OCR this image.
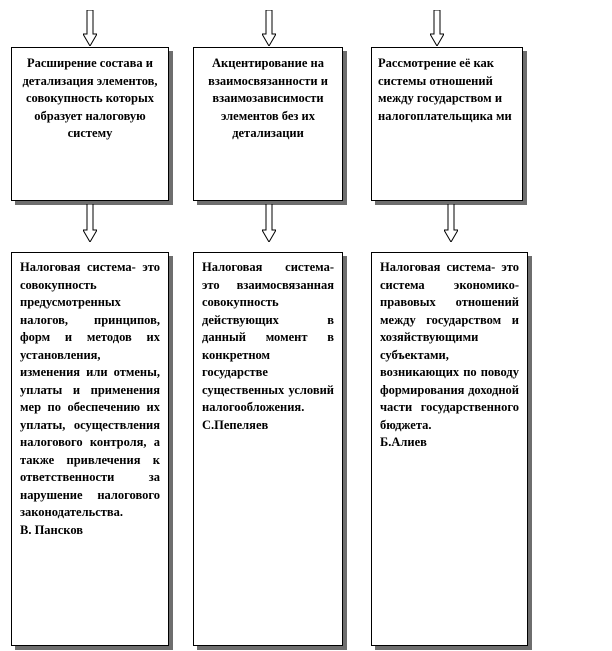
Расширение состава и детализация элементов, совокупность которых образует налоговую систему
Акцентирование на взаимосвязанности и взаимозависимости элементов без их детализации
Рассмотрение её как системы отношений между государством и налогоплательщика ми
Налоговая система- это совокупность предусмотренных налогов, принципов, форм и методов их установления, изменения или отмены, уплаты и применения мер по обеспечению их уплаты, осуществления налогового контроля, а также привлечения к ответственности за нарушение налогового законодательства.
В. Пансков
Налоговая система- это взаимосвязанная совокупность действующих в данный момент в конкретном государстве существенных условий налогообложения.
С.Пепеляев
Налоговая система- это система экономико-правовых отношений между государством и хозяйствующими субъектами, возникающих по поводу формирования доходной части государственного бюджета.
Б.Алиев
